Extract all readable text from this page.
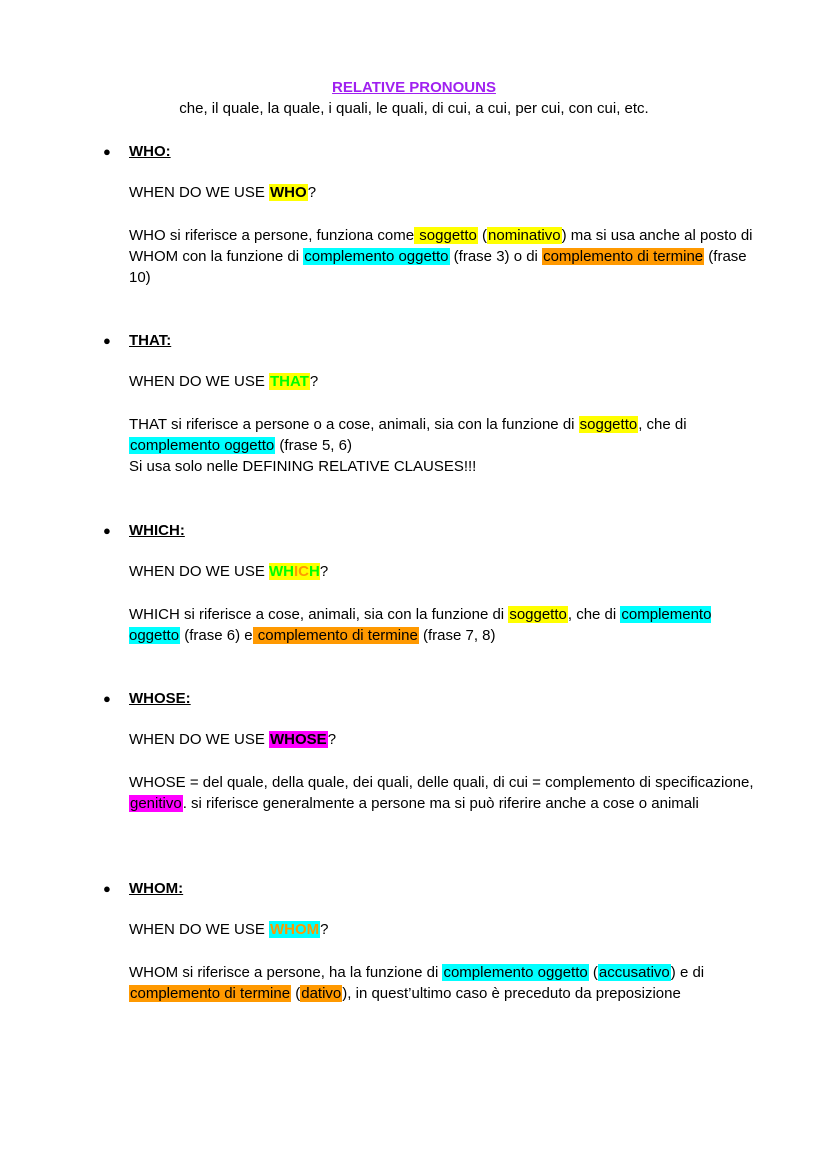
RELATIVE PRONOUNS
che, il quale, la quale, i quali, le quali, di cui, a cui, per cui, con cui, etc.
● WHO:
WHEN DO WE USE WHO?
WHO si riferisce a persone, funziona come soggetto (nominativo) ma si usa anche al posto di WHOM con la funzione di complemento oggetto (frase 3) o di complemento di termine (frase 10)
● THAT:
WHEN DO WE USE THAT?
THAT si riferisce a persone o a cose, animali, sia con la funzione di soggetto, che di complemento oggetto (frase 5, 6)
Si usa solo nelle DEFINING RELATIVE CLAUSES!!!
● WHICH:
WHEN DO WE USE WHICH?
WHICH si riferisce a cose, animali, sia con la funzione di soggetto, che di complemento oggetto (frase 6) e complemento di termine (frase 7, 8)
● WHOSE:
WHEN DO WE USE WHOSE?
WHOSE = del quale, della quale, dei quali, delle quali, di cui = complemento di specificazione, genitivo. si riferisce generalmente a persone ma si può riferire anche a cose o animali
● WHOM:
WHEN DO WE USE WHOM?
WHOM si riferisce a persone, ha la funzione di complemento oggetto (accusativo) e di complemento di termine (dativo), in quest’ultimo caso è preceduto da preposizione
